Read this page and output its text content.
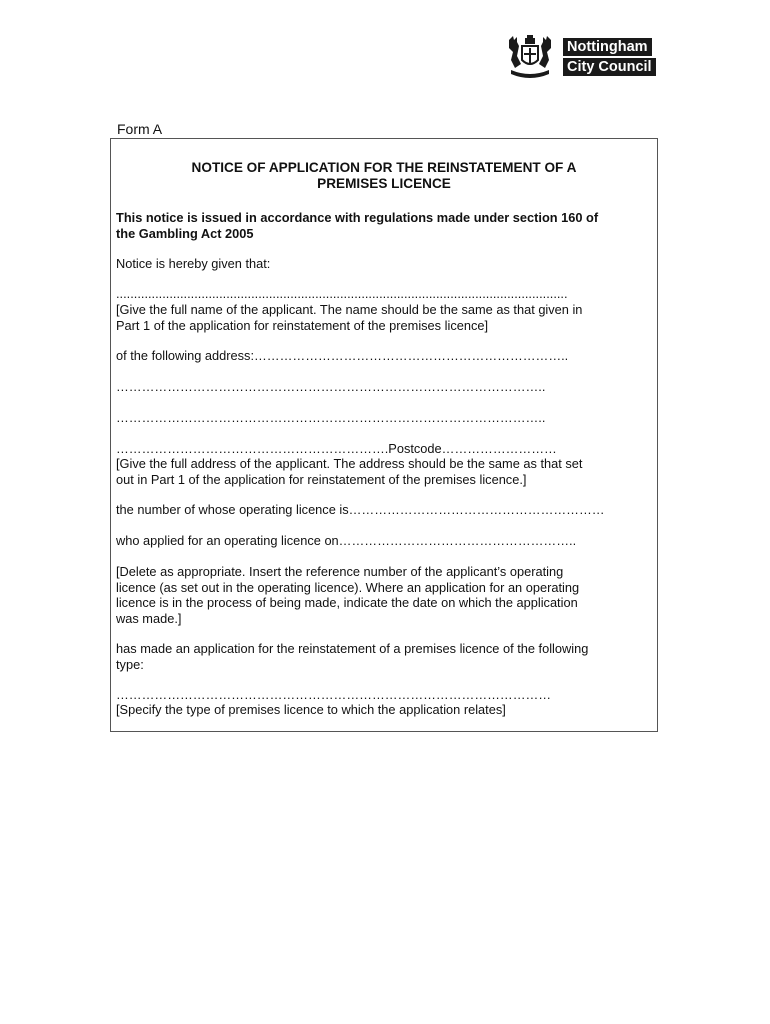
Nottingham
City Council
Form A
NOTICE OF APPLICATION FOR THE REINSTATEMENT OF A
PREMISES LICENCE
This notice is issued in accordance with regulations made under section 160 of
the Gambling Act 2005
Notice is hereby given that:
...............................................................................................................................
[Give the full name of the applicant. The name should be the same as that given in
Part 1 of the application for reinstatement of the premises licence]
of the following address:………………………………………………………………..
………………………………………………………………………………………..
………………………………………………………………………………………..
……………………………………………………….Postcode………………………
[Give the full address of the applicant. The address should be the same as that set
out in Part 1 of the application for reinstatement of the premises licence.]
the number of whose operating licence is……………………………………………………
who applied for an operating licence on………………………………………………..
[Delete as appropriate. Insert the reference number of the applicant’s operating
licence (as set out in the operating licence). Where an application for an operating
licence is in the process of being made, indicate the date on which the application
was made.]
has made an application for the reinstatement of a premises licence of the following
type:
…………………………………………………………………………………………
[Specify the type of premises licence to which the application relates]
